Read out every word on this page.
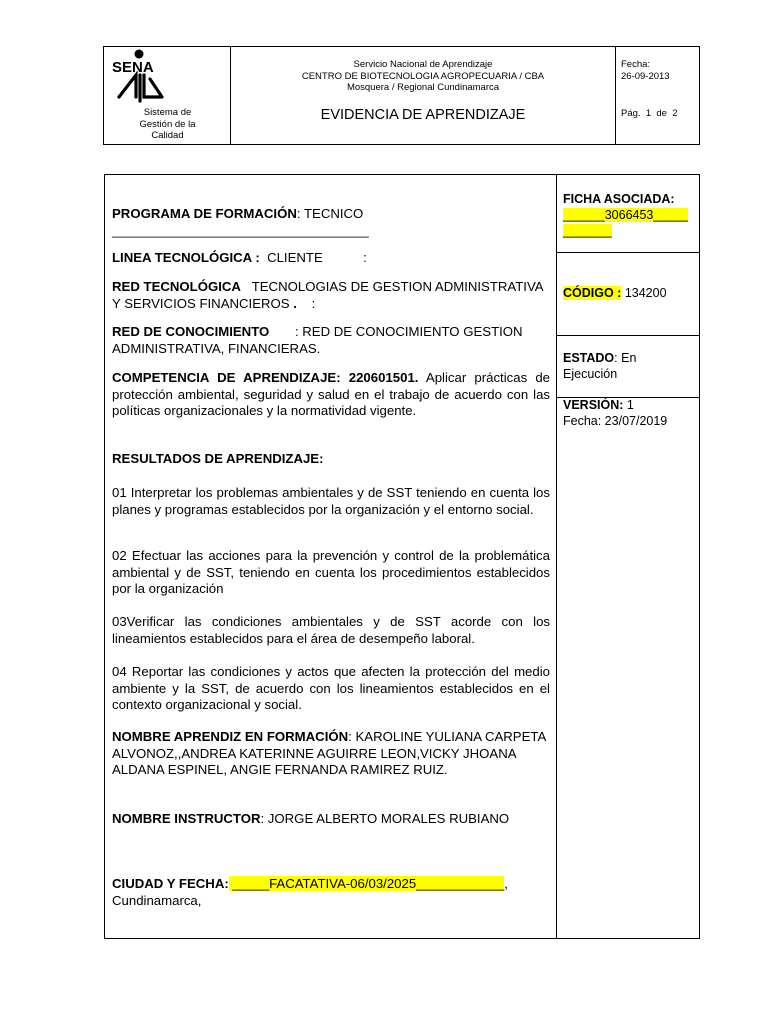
SENA
Sistema de
Gestión de la
Calidad
Servicio Nacional de Aprendizaje
CENTRO DE BIOTECNOLOGIA AGROPECUARIA / CBA
Mosquera / Regional Cundinamarca
EVIDENCIA DE APRENDIZAJE
Fecha:
26-09-2013
Pág.  1  de  2
PROGRAMA DE FORMACIÓN: TECNICO
___________________________________
LINEA TECNOLÓGICA :  CLIENTE           :
RED TECNOLÓGICA   TECNOLOGIAS DE GESTION ADMINISTRATIVA Y SERVICIOS FINANCIEROS .    :
RED DE CONOCIMIENTO       : RED DE CONOCIMIENTO GESTION ADMINISTRATIVA, FINANCIERAS.
COMPETENCIA DE APRENDIZAJE: 220601501. Aplicar prácticas de protección ambiental, seguridad y salud en el trabajo de acuerdo con las políticas organizacionales y la normatividad vigente.
RESULTADOS DE APRENDIZAJE:
01 Interpretar los problemas ambientales y de SST teniendo en cuenta los planes y programas establecidos por la organización y el entorno social.
02 Efectuar las acciones para la prevención y control de la problemática ambiental y de SST, teniendo en cuenta los procedimientos establecidos por la organización
03Verificar las condiciones ambientales y de SST acorde con los lineamientos establecidos para el área de desempeño laboral.
04 Reportar las condiciones y actos que afecten la protección del medio ambiente y la SST, de acuerdo con los lineamientos establecidos en el contexto organizacional y social.
NOMBRE APRENDIZ EN FORMACIÓN: KAROLINE YULIANA CARPETA ALVONOZ,,ANDREA KATERINNE AGUIRRE LEON,VICKY JHOANA ALDANA ESPINEL, ANGIE FERNANDA RAMIREZ RUIZ.
NOMBRE INSTRUCTOR: JORGE ALBERTO MORALES RUBIANO
CIUDAD Y FECHA: _____FACATATIVA-06/03/2025____________,
Cundinamarca,
FICHA ASOCIADA:
______3066453_____
_______
CÓDIGO : 134200
ESTADO: En Ejecución
VERSIÓN: 1
Fecha: 23/07/2019
